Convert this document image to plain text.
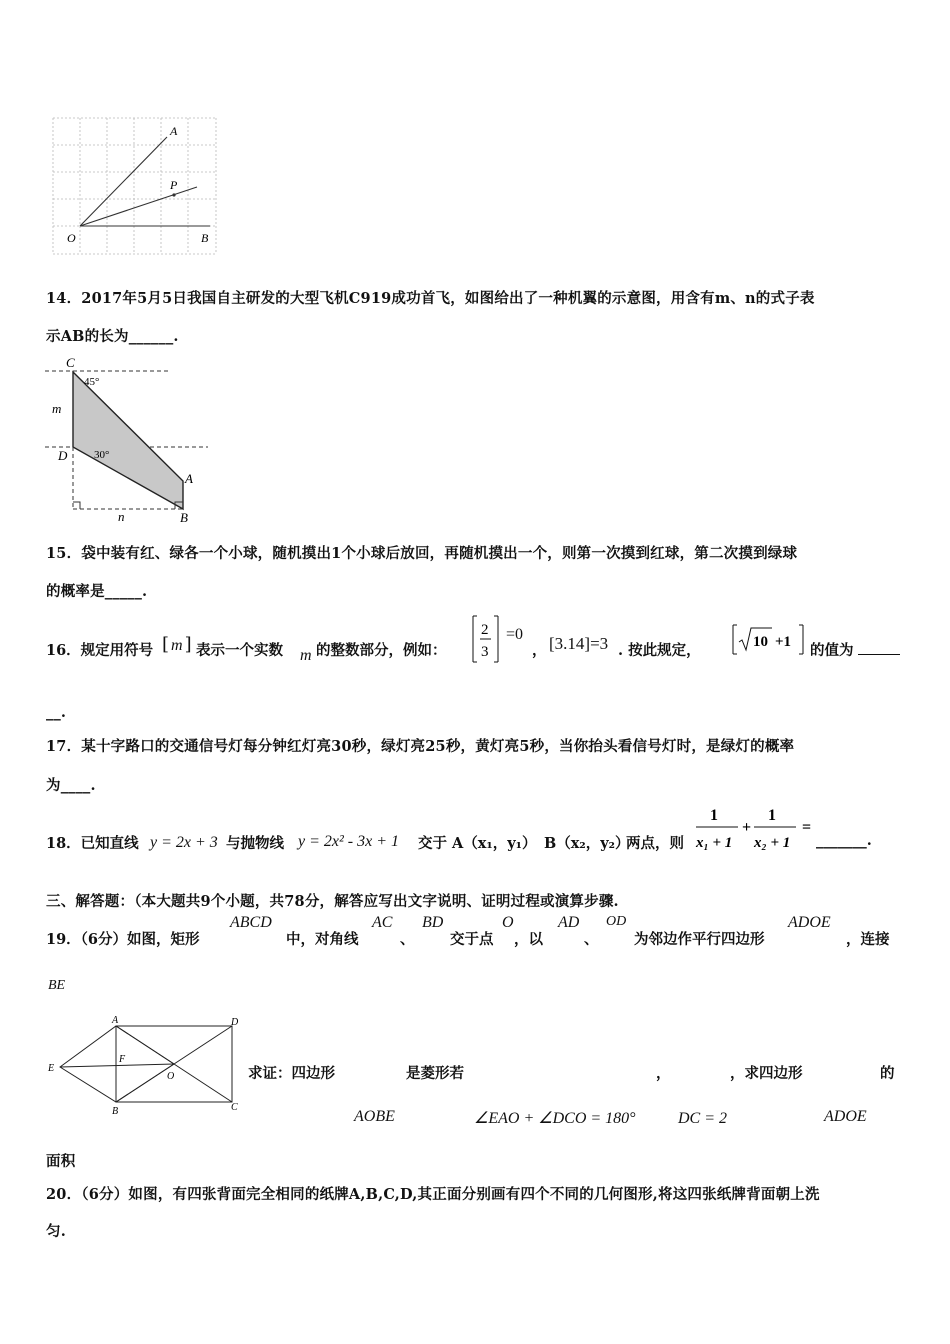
A
P
O	B
14．2017年5月5日我国自主研发的大型飞机C919成功首飞，如图给出了一种机翼的示意图，用含有m、n的式子表
示AB的长为______.
C
45°
m
D 30°
A
n	B
15．袋中装有红、绿各一个小球，随机摸出1个小球后放回，再随机摸出一个，则第一次摸到红球，第二次摸到绿球
的概率是_____.
16．规定用符号 [ m ] 表示一个实数 m 的整数部分，例如：
2
3
=0
， [3.14]=3 . 按此规定，	10 +1 的值为
__.
17．某十字路口的交通信号灯每分钟红灯亮30秒，绿灯亮25秒，黄灯亮5秒，当你抬头看信号灯时，是绿灯的概率
为____.
18．已知直线 y = 2x + 3 与抛物线 y = 2x² - 3x + 1 交于 A（x₁，y₁） B（x₂，y₂）
两点，则
1
x₁ + 1
+
1
x₂ + 1
=
_______.
三、解答题：（本大题共9个小题，共78分，解答应写出文字说明、证明过程或演算步骤.
19．（6分）如图，矩形
ABCD
中，对角线
AC
、
BD
交于点
O
，以
AD
、
OD
为邻边作平行四边形
ADOE
，连接
BE
A	D
E
F
O
B	C
求证：四边形	是菱形若	，	，求四边形	的
AOBE	∠EAO + ∠DCO = 180°	DC = 2	ADOE
面积
20．（6分）如图，有四张背面完全相同的纸牌A,B,C,D,其正面分别画有四个不同的几何图形,将这四张纸牌背面朝上洗
匀.
